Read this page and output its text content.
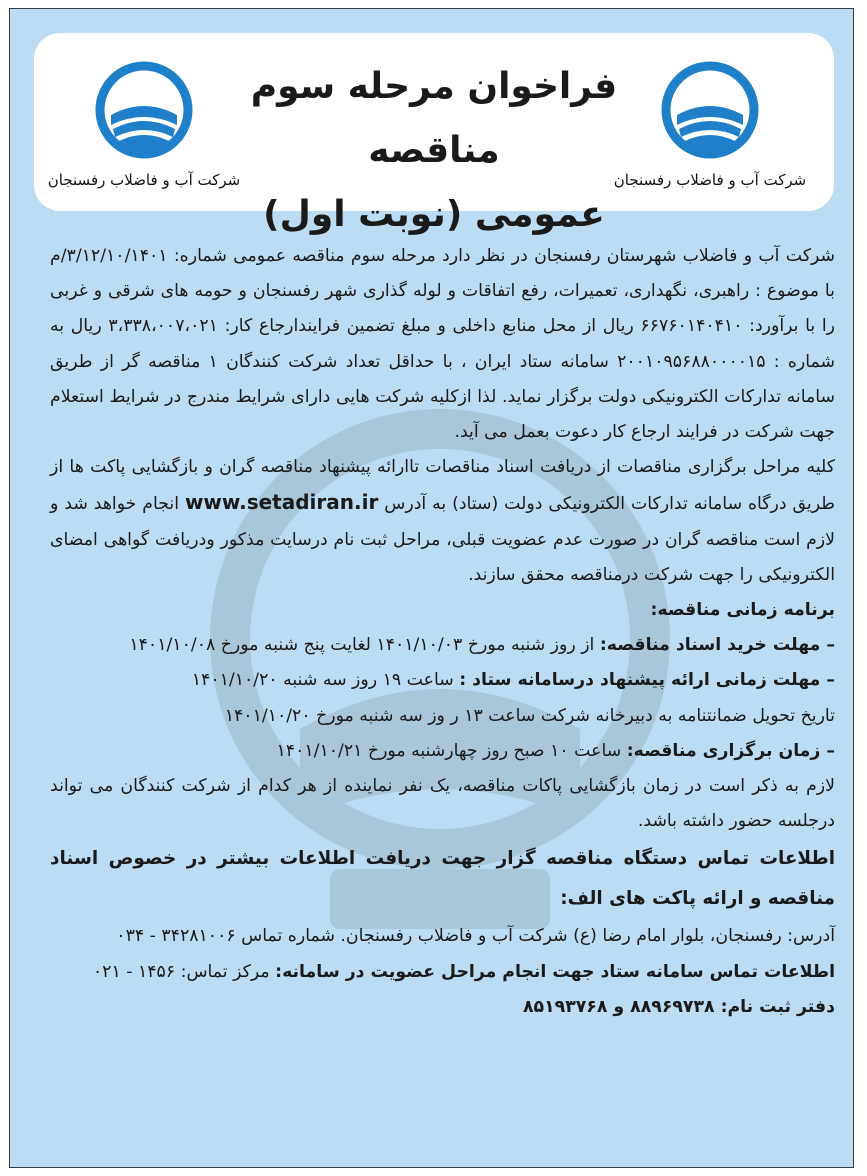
شرکت آب و فاضلاب رفسنجان
فراخوان مرحله سوم مناقصه
عمومی (نوبت اول)
شرکت آب و فاضلاب رفسنجان

شرکت آب و فاضلاب شهرستان رفسنجان در نظر دارد مرحله سوم مناقصه عمومی شماره: ۳/۱۲/۱۰/۱۴۰۱/م با موضوع : راهبری، نگهداری، تعمیرات، رفع اتفاقات و لوله گذاری شهر رفسنجان و حومه های شرقی و غربی را با برآورد: ۶۶۷۶۰۱۴۰۴۱۰ ریال از محل منابع داخلی و مبلغ تضمین فرایندارجاع کار: ۳،۳۳۸،۰۰۷،۰۲۱ ریال به شماره : ۲۰۰۱۰۹۵۶۸۸۰۰۰۰۱۵ سامانه ستاد ایران ، با حداقل تعداد شرکت کنندگان ۱ مناقصه گر از طریق سامانه تدارکات الکترونیکی دولت برگزار نماید. لذا ازکلیه شرکت هایی دارای شرایط مندرج در شرایط استعلام جهت شرکت در فرایند ارجاع کار دعوت بعمل می آید.

کلیه مراحل برگزاری مناقصات از دریافت اسناد مناقصات تاارائه پیشنهاد مناقصه گران و بازگشایی پاکت ها از طریق درگاه سامانه تدارکات الکترونیکی دولت (ستاد) به آدرس www.setadiran.ir انجام خواهد شد و لازم است مناقصه گران در صورت عدم عضویت قبلی، مراحل ثبت نام درسایت مذکور ودریافت گواهی امضای الکترونیکی را جهت شرکت درمناقصه محقق سازند.

برنامه زمانی مناقصه:

– مهلت خرید اسناد مناقصه: از روز شنبه مورخ ۱۴۰۱/۱۰/۰۳ لغایت پنج شنبه مورخ ۱۴۰۱/۱۰/۰۸

– مهلت زمانی ارائه پیشنهاد درسامانه ستاد : ساعت ۱۹ روز سه شنبه ۱۴۰۱/۱۰/۲۰

تاریخ تحویل ضمانتنامه به دبیرخانه شرکت ساعت ۱۳ ر وز سه شنبه مورخ ۱۴۰۱/۱۰/۲۰

– زمان برگزاری مناقصه: ساعت ۱۰ صبح روز چهارشنبه مورخ ۱۴۰۱/۱۰/۲۱

لازم به ذکر است در زمان بازگشایی پاکات مناقصه، یک نفر نماینده از هر کدام از شرکت کنندگان می تواند درجلسه حضور داشته باشد.

اطلاعات تماس دستگاه مناقصه گزار جهت دریافت اطلاعات بیشتر در خصوص اسناد مناقصه و ارائه پاکت های الف:

آدرس: رفسنجان، بلوار امام رضا (ع) شرکت آب و فاضلاب رفسنجان. شماره تماس ۳۴۲۸۱۰۰۶ - ۰۳۴

اطلاعات تماس سامانه ستاد جهت انجام مراحل عضویت در سامانه: مرکز تماس: ۱۴۵۶ - ۰۲۱

دفتر ثبت نام: ۸۸۹۶۹۷۳۸ و ۸۵۱۹۳۷۶۸
